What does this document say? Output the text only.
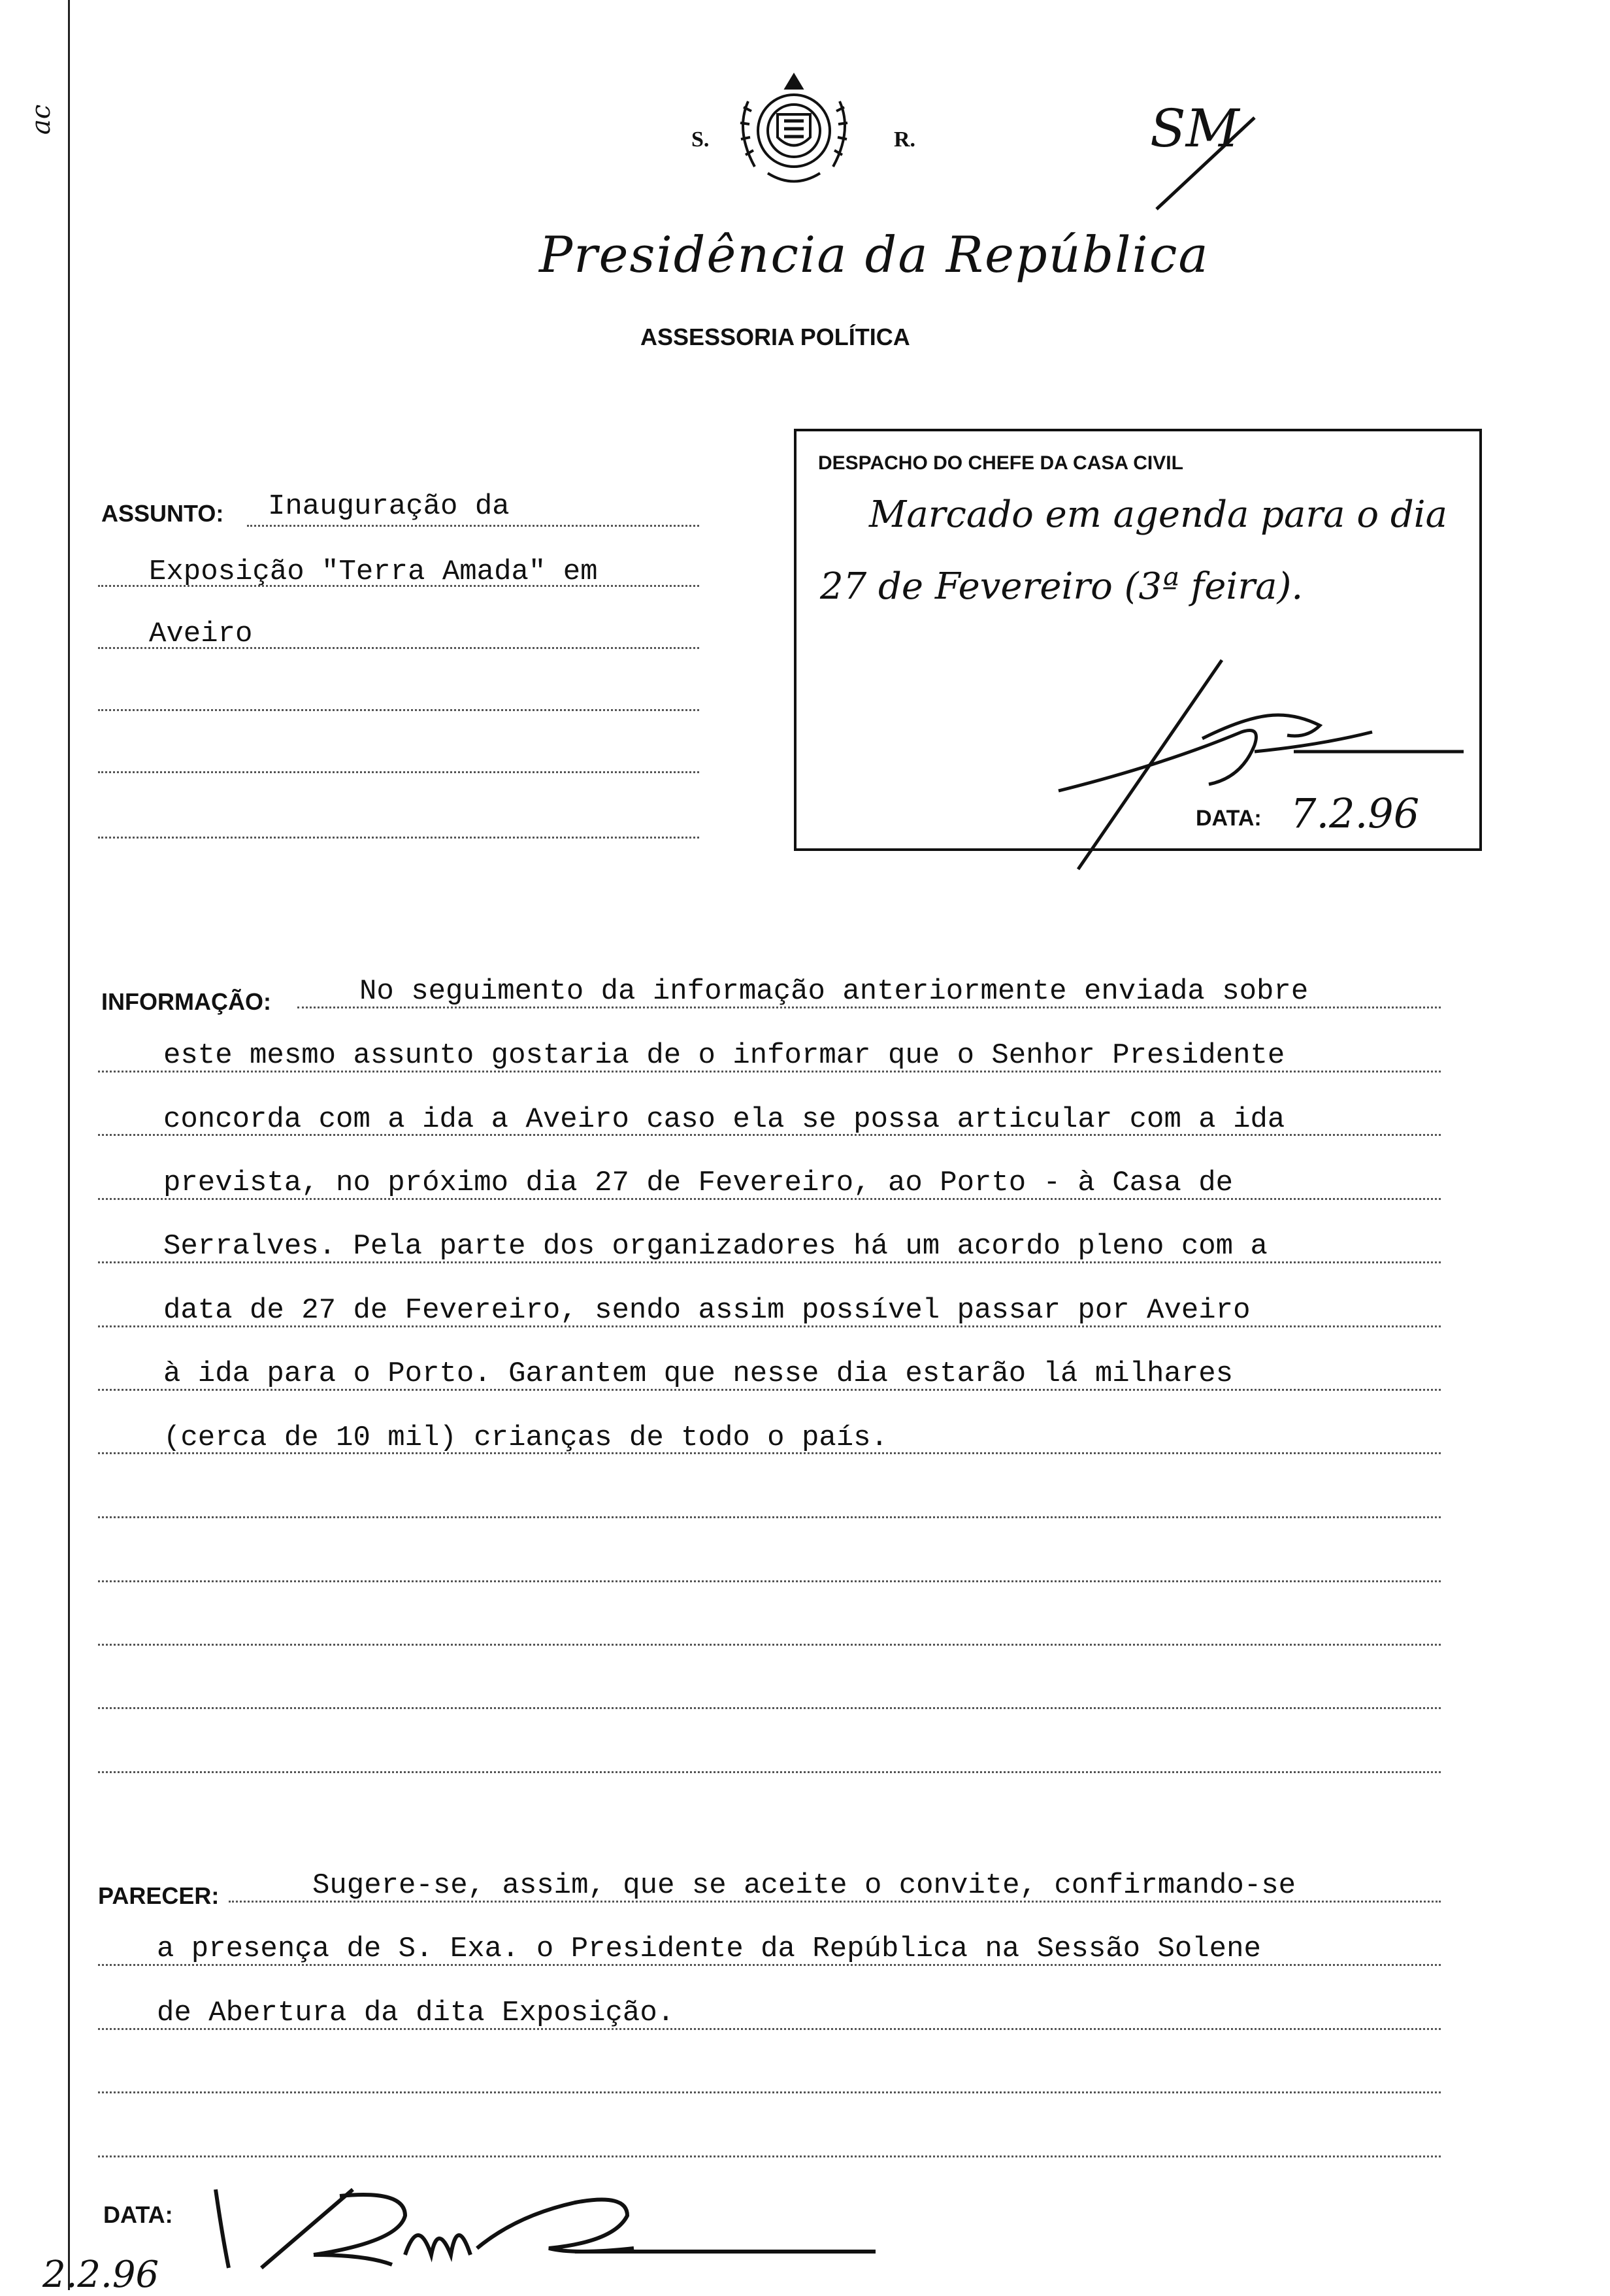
ac
S.	R.	SM
Presidência da República
ASSESSORIA POLÍTICA
DESPACHO DO CHEFE DA CASA CIVIL
Marcado em agenda para o dia
27 de Fevereiro (3ª feira).
DATA: 7.2.96
ASSUNTO: Inauguração da
Exposição "Terra Amada" em
Aveiro
INFORMAÇÃO:	No seguimento da informação anteriormente enviada sobre
este mesmo assunto gostaria de o informar que o Senhor Presidente
concorda com a ida a Aveiro caso ela se possa articular com a ida
prevista, no próximo dia 27 de Fevereiro, ao Porto - à Casa de
Serralves. Pela parte dos organizadores há um acordo pleno com a
data de 27 de Fevereiro, sendo assim possível passar por Aveiro
à ida para o Porto. Garantem que nesse dia estarão lá milhares
(cerca de 10 mil) crianças de todo o país.
PARECER:	Sugere-se, assim, que se aceite o convite, confirmando-se
a presença de S. Exa. o Presidente da República na Sessão Solene
de Abertura da dita Exposição.
DATA:
2.2.96
